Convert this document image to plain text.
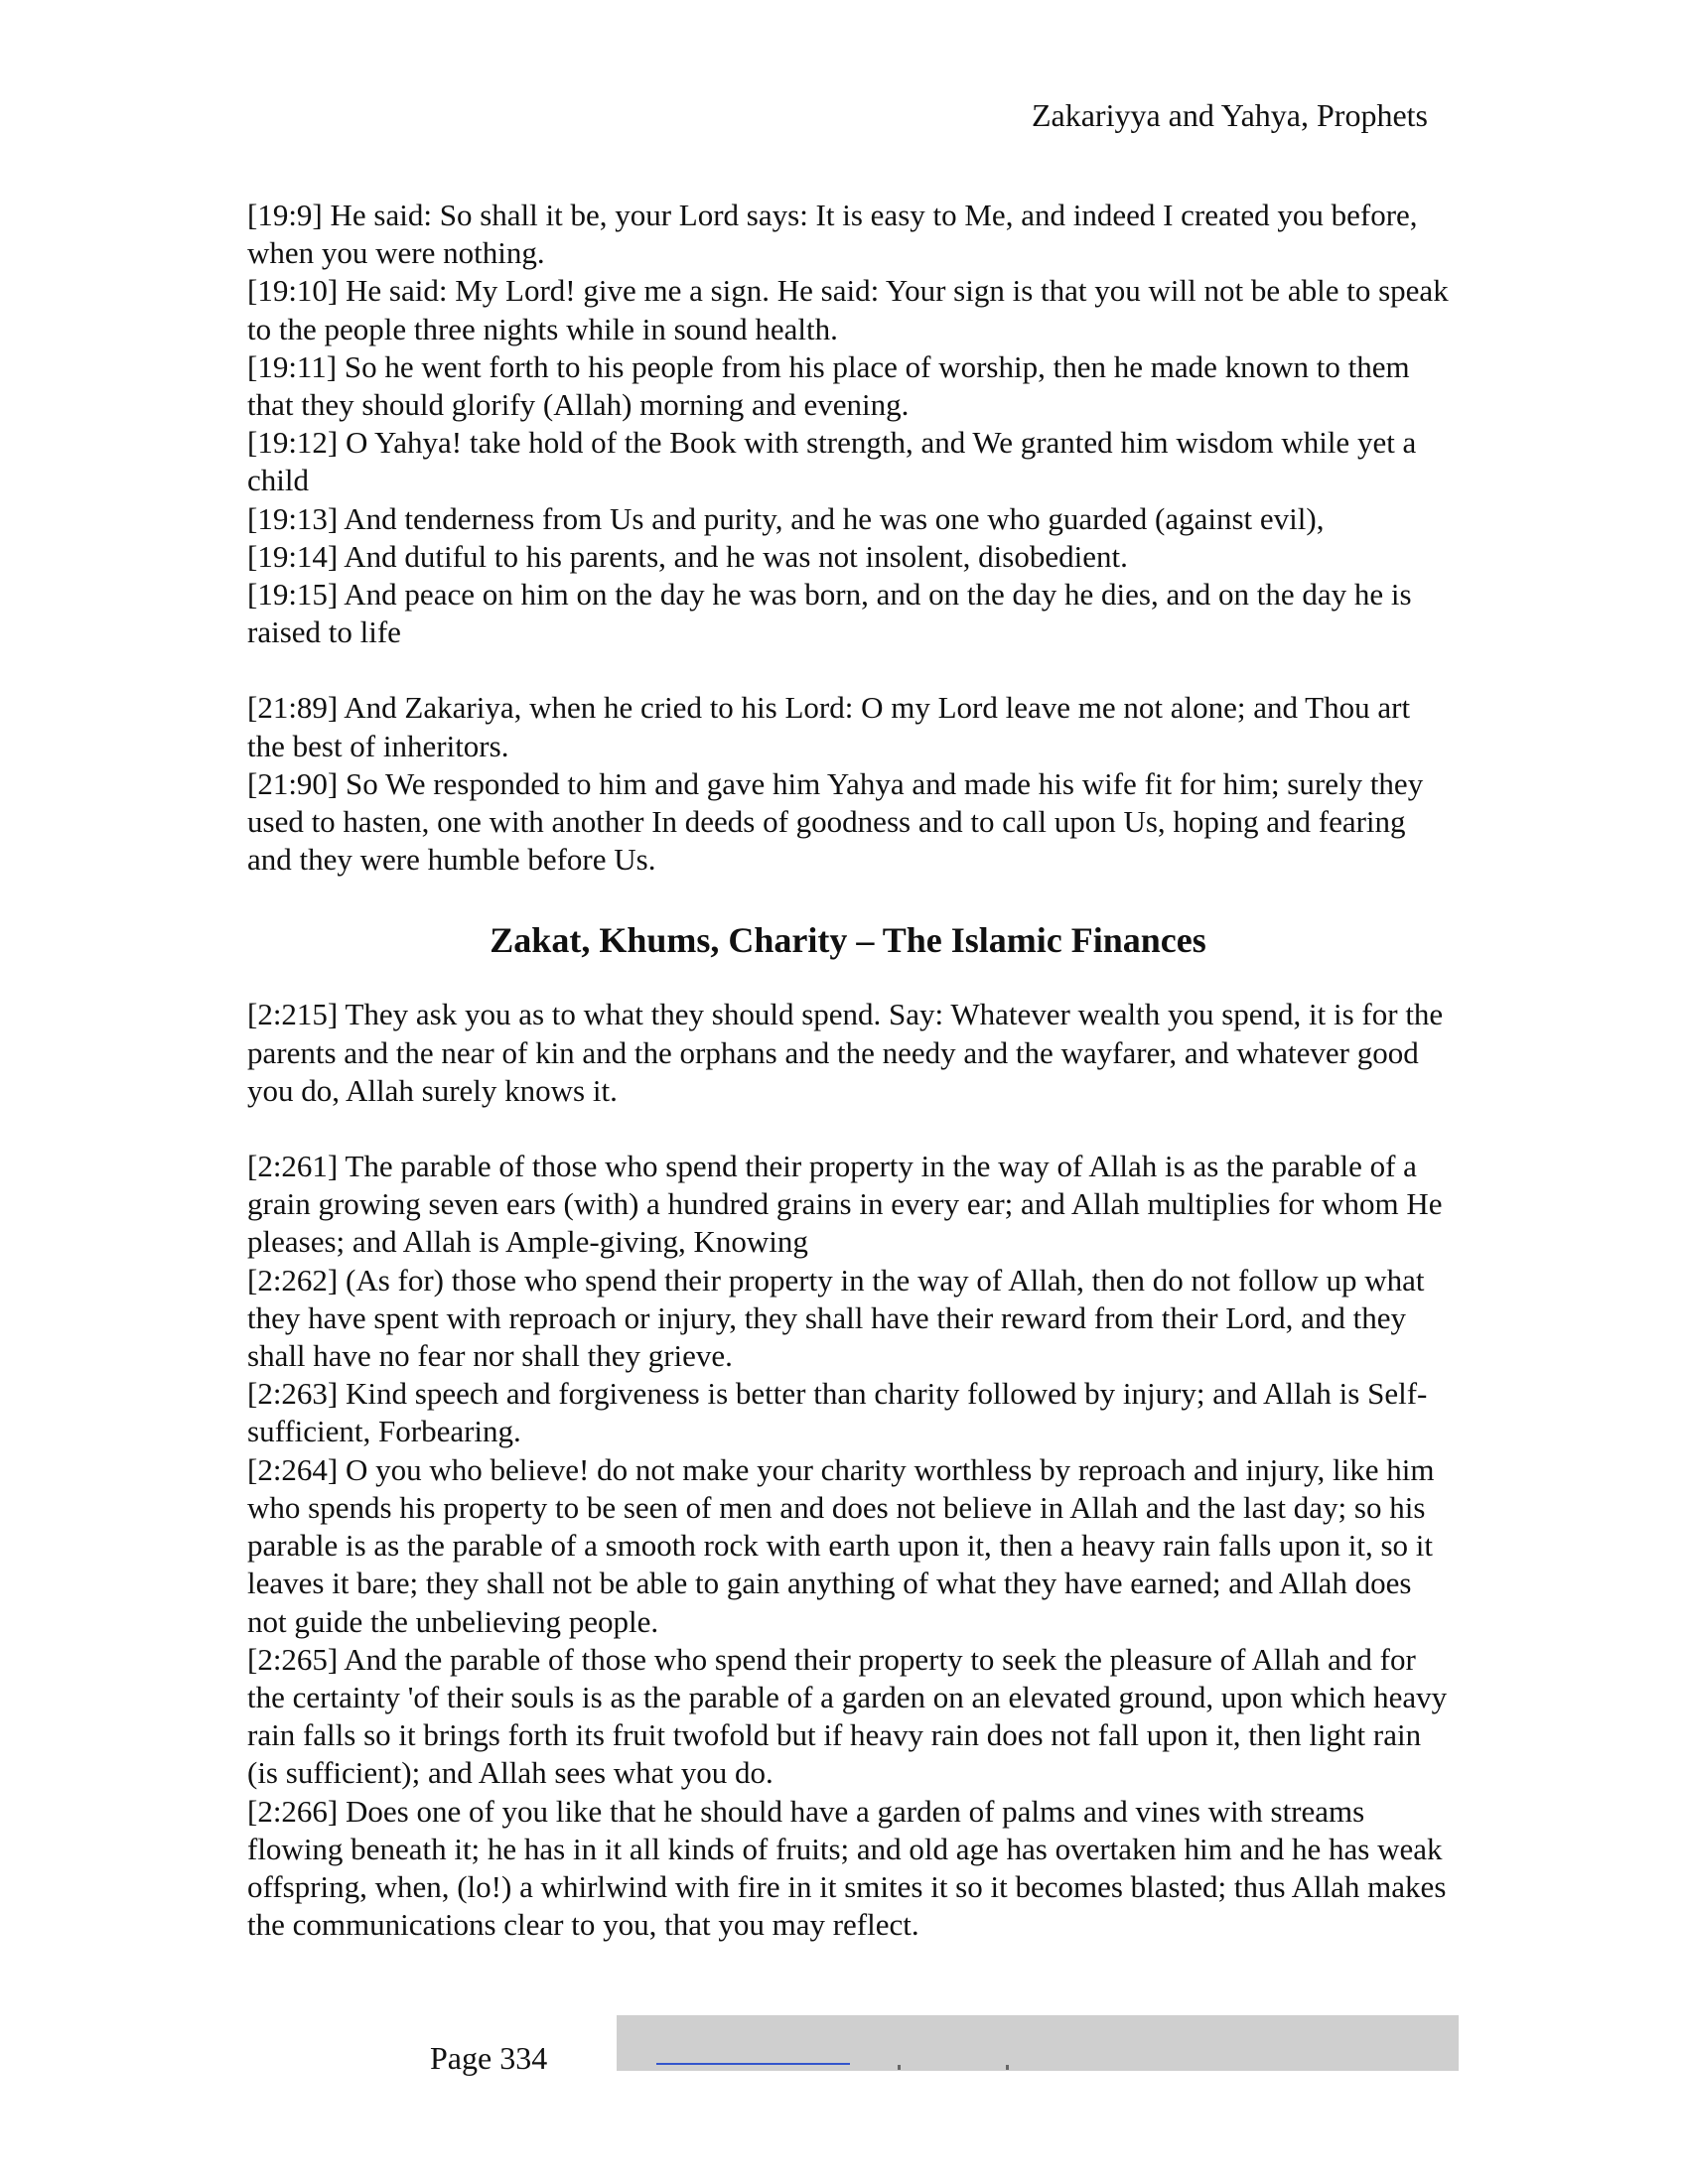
Zakariyya and Yahya, Prophets

[19:9] He said: So shall it be, your Lord says: It is easy to Me, and indeed I created you before, when you were nothing.

[19:10] He said: My Lord! give me a sign. He said: Your sign is that you will not be able to speak to the people three nights while in sound health.

[19:11] So he went forth to his people from his place of worship, then he made known to them that they should glorify (Allah) morning and evening.

[19:12] O Yahya! take hold of the Book with strength, and We granted him wisdom while yet a child

[19:13] And tenderness from Us and purity, and he was one who guarded (against evil),

[19:14] And dutiful to his parents, and he was not insolent, disobedient.

[19:15] And peace on him on the day he was born, and on the day he dies, and on the day he is raised to life

[21:89] And Zakariya, when he cried to his Lord: O my Lord leave me not alone; and Thou art the best of inheritors.

[21:90] So We responded to him and gave him Yahya and made his wife fit for him; surely they used to hasten, one with another In deeds of goodness and to call upon Us, hoping and fearing and they were humble before Us.

Zakat, Khums, Charity – The Islamic Finances

[2:215] They ask you as to what they should spend. Say: Whatever wealth you spend, it is for the parents and the near of kin and the orphans and the needy and the wayfarer, and whatever good you do, Allah surely knows it.

[2:261] The parable of those who spend their property in the way of Allah is as the parable of a grain growing seven ears (with) a hundred grains in every ear; and Allah multiplies for whom He pleases; and Allah is Ample-giving, Knowing

[2:262] (As for) those who spend their property in the way of Allah, then do not follow up what they have spent with reproach or injury, they shall have their reward from their Lord, and they shall have no fear nor shall they grieve.

[2:263] Kind speech and forgiveness is better than charity followed by injury; and Allah is Self-sufficient, Forbearing.

[2:264] O you who believe! do not make your charity worthless by reproach and injury, like him who spends his property to be seen of men and does not believe in Allah and the last day; so his parable is as the parable of a smooth rock with earth upon it, then a heavy rain falls upon it, so it leaves it bare; they shall not be able to gain anything of what they have earned; and Allah does not guide the unbelieving people.

[2:265] And the parable of those who spend their property to seek the pleasure of Allah and for the certainty 'of their souls is as the parable of a garden on an elevated ground, upon which heavy rain falls so it brings forth its fruit twofold but if heavy rain does not fall upon it, then light rain (is sufficient); and Allah sees what you do.

[2:266] Does one of you like that he should have a garden of palms and vines with streams flowing beneath it; he has in it all kinds of fruits; and old age has overtaken him and he has weak offspring, when, (lo!) a whirlwind with fire in it smites it so it becomes blasted; thus Allah makes the communications clear to you, that you may reflect.

Page 334
